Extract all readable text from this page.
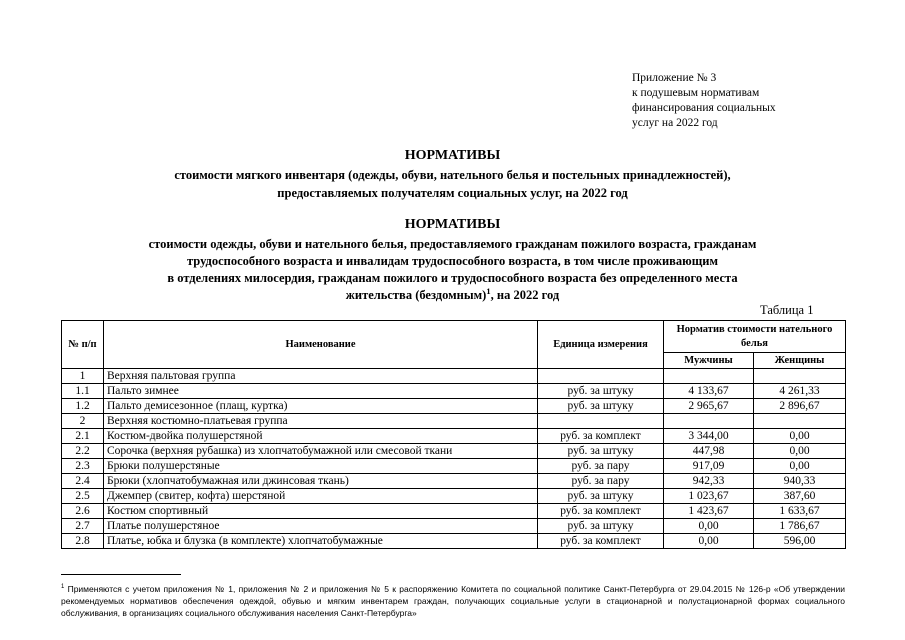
Приложение № 3
к подушевым нормативам
финансирования социальных
услуг на 2022 год
НОРМАТИВЫ
стоимости мягкого инвентаря (одежды, обуви, нательного белья и постельных принадлежностей),
предоставляемых получателям социальных услуг, на 2022 год
НОРМАТИВЫ
стоимости одежды, обуви и нательного белья, предоставляемого гражданам пожилого возраста, гражданам
трудоспособного возраста и инвалидам трудоспособного возраста, в том числе проживающим
в отделениях милосердия, гражданам пожилого и трудоспособного возраста без определенного места
жительства (бездомным)$^1$, на 2022 год
Таблица 1
№ п/п	Наименование	Единица измерения	Норматив стоимости нательного белья	
			Мужчины	Женщины
1	Верхняя пальтовая группа			
1.1	Пальто зимнее	руб. за штуку	4 133,67	4 261,33
1.2	Пальто демисезонное (плащ, куртка)	руб. за штуку	2 965,67	2 896,67
2	Верхняя костюмно-платьевая группа			
2.1	Костюм-двойка полушерстяной	руб. за комплект	3 344,00	0,00
2.2	Сорочка (верхняя рубашка) из хлопчатобумажной или смесовой ткани	руб. за штуку	447,98	0,00
2.3	Брюки полушерстяные	руб. за пару	917,09	0,00
2.4	Брюки (хлопчатобумажная или джинсовая ткань)	руб. за пару	942,33	940,33
2.5	Джемпер (свитер, кофта) шерстяной	руб. за штуку	1 023,67	387,60
2.6	Костюм спортивный	руб. за комплект	1 423,67	1 633,67
2.7	Платье полушерстяное	руб. за штуку	0,00	1 786,67
2.8	Платье, юбка и блузка (в комплекте) хлопчатобумажные	руб. за комплект	0,00	596,00
$^1$ Применяются с учетом приложения № 1, приложения № 2 и приложения № 5 к распоряжению Комитета по социальной политике Санкт-Петербурга от 29.04.2015 № 126-р «Об утверждении рекомендуемых нормативов обеспечения одеждой, обувью и мягким инвентарем граждан, получающих социальные услуги в стационарной и полустационарной формах социального обслуживания, в организациях социального обслуживания населения Санкт-Петербурга»
